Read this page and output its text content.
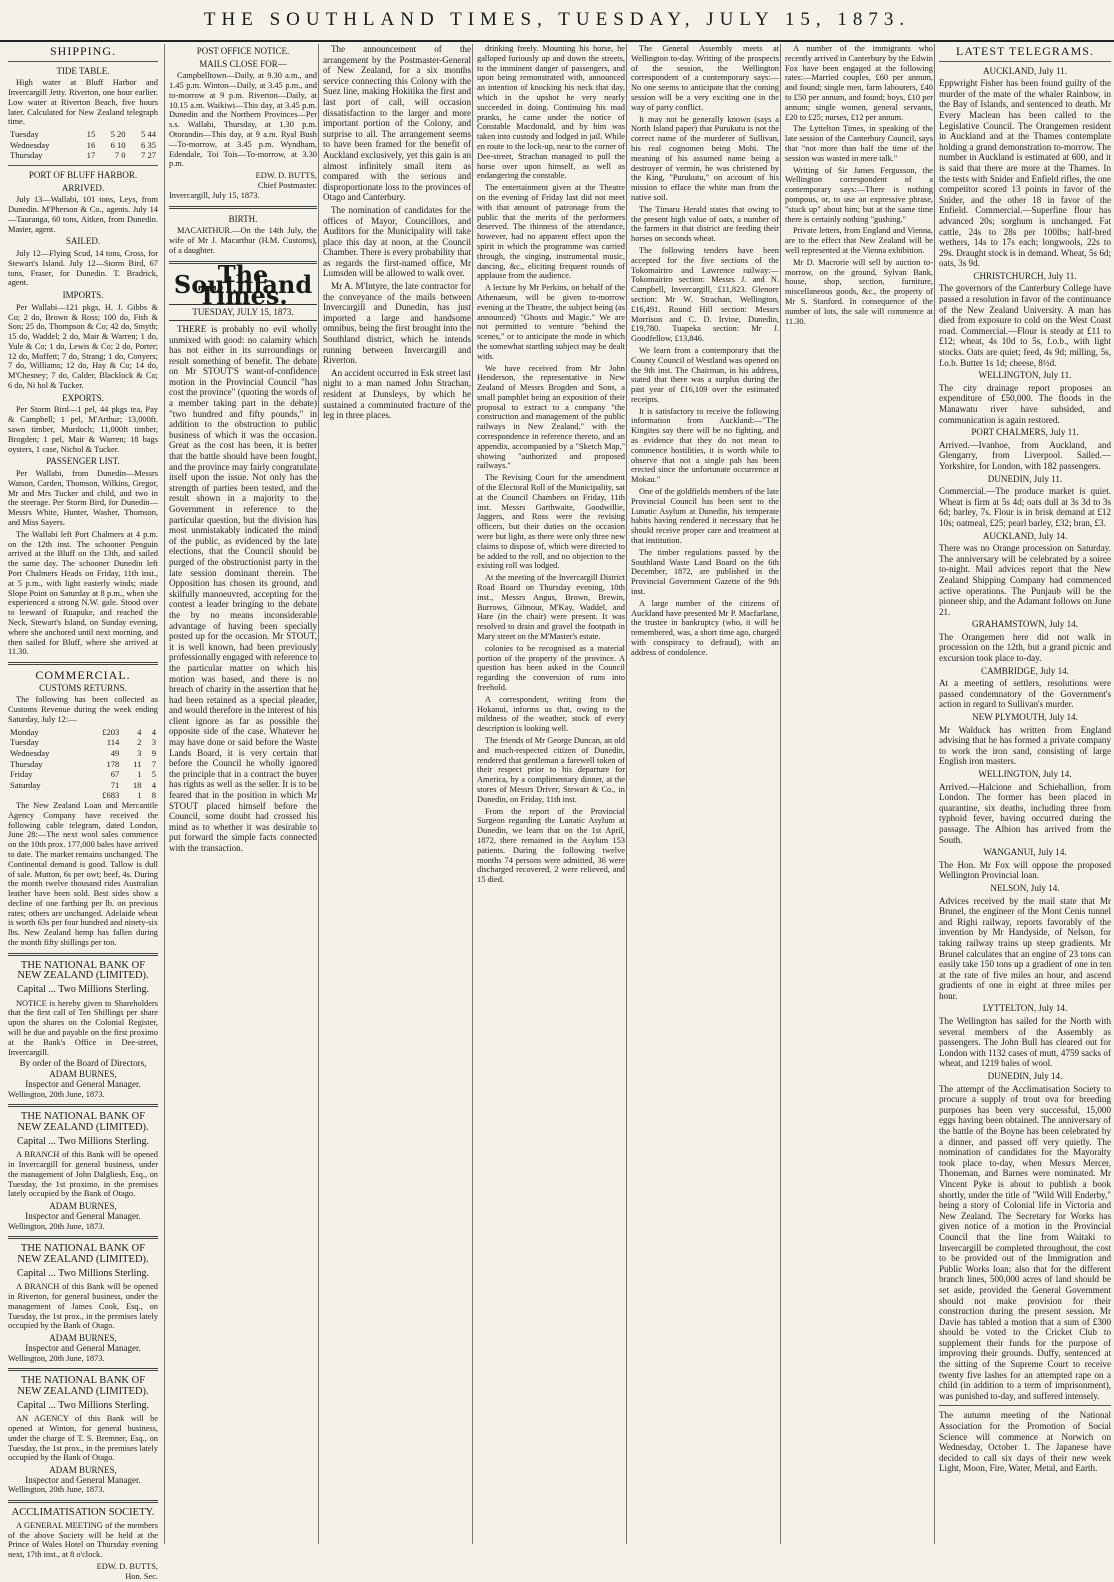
THE SOUTHLAND TIMES, TUESDAY, JULY 15, 1873.
SHIPPING.
TIDE TABLE.

High water at Bluff Harbor and Invercargill Jetty. Riverton, one hour earlier. Low water at Riverton Beach, five hours later. Calculated for New Zealand telegraph time.

Tuesday	15	5 20	5 44
Wednesday	16	6 10	6 35
Thursday	17	7 0	7 27
PORT OF BLUFF HARBOR.
ARRIVED.

July 13—Wallabi, 101 tons, Leys, from Dunedin. M'Pherson & Co., agents. July 14—Tauranga, 60 tons, Aitken, from Dunedin. Master, agent.

SAILED.

July 12—Flying Scud, 14 tons, Cross, for Stewart's Island. July 12—Storm Bird, 67 tons, Fraser, for Dunedin. T. Bradrick, agent.

IMPORTS.

Per Wallabi—121 pkgs, H. J. Gibbs & Co; 2 do, Brown & Ross; 100 do, Fish & Son; 25 do, Thompson & Co; 42 do, Smyth; 15 do, Waddel; 2 do, Mair & Warren; 1 do, Yule & Co; 1 do, Lewis & Co; 2 do, Porter; 12 do, Moffett; 7 do, Strang; 1 do, Conyers; 7 do, Williams; 12 do, Hay & Co; 14 do, M'Chesney; 7 do, Calder, Blacklock & Co; 6 do, Ni hol & Tucker.

EXPORTS.

Per Storm Bird—1 pel, 44 pkgs tea, Pay & Campbell; 1 pel, M'Arthur; 13,000ft. sawn timber, Murdoch; 11,000ft timber, Brogden; 1 pel, Mair & Warren; 18 bags oysters, 1 case, Nichol & Tucker.

PASSENGER LIST.

Per Wallabi, from Dunedin—Messrs Watson, Carden, Thomson, Wilkins, Gregor, Mr and Mrs Tucker and child, and two in the steerage. Per Storm Bird, for Dunedin—Messrs White, Hunter, Washer, Thomson, and Miss Sayers.

The Wallabi left Port Chalmers at 4 p.m. on the 12th inst. The schooner Penguin arrived at the Bluff on the 13th, and sailed the same day. The schooner Dunedin left Port Chalmers Heads on Friday, 11th inst., at 5 p.m., with light easterly winds; made Slope Point on Saturday at 8 p.m., when she experienced a strong N.W. gale. Stood over to leeward of Ruapuke, and reached the Neck, Stewart's Island, on Sunday evening, where she anchored until next morning, and then sailed for Bluff, where she arrived at 11.30.

COMMERCIAL.
CUSTOMS RETURNS.

The following has been collected as Customs Revenue during the week ending Saturday, July 12:—

Monday	£203	4	4
Tuesday	114	2	3
Wednesday	49	3	9
Thursday	178	11	7
Friday	67	1	5
Saturday	71	18	4
	£683	1	8

The New Zealand Loan and Mercantile Agency Company have received the following cable telegram, dated London, June 28:—The next wool sales commence on the 10th prox. 177,000 bales have arrived to date. The market remains unchanged. The Continental demand is good. Tallow is dull of sale. Mutton, 6s per owt; beef, 4s. During the month twelve thousand rides Australian leather have been sold. Best sides show a decline of one farthing per lb. on previous rates; others are unchanged. Adelaide wheat is worth 63s per four hundred and ninety-six lbs. New Zealand hemp has fallen during the month fifty shillings per ton.

THE NATIONAL BANK OF NEW ZEALAND (LIMITED).
Capital ... Two Millions Sterling.

NOTICE is hereby given to Shareholders that the first call of Ten Shillings per share upon the shares on the Colonial Register, will be due and payable on the first proximo at the Bank's Office in Dee-street, Invercargill.

By order of the Board of Directors,
ADAM BURNES,
Inspector and General Manager.
Wellington, 20th June, 1873.
THE NATIONAL BANK OF NEW ZEALAND (LIMITED).
Capital ... Two Millions Sterling.

A BRANCH of this Bank will be opened in Invercargill for general business, under the management of John Dalgliesh, Esq., on Tuesday, the 1st proximo, in the premises lately occupied by the Bank of Otago.

ADAM BURNES,
Inspector and General Manager.
Wellington, 20th June, 1873.
THE NATIONAL BANK OF NEW ZEALAND (LIMITED).
Capital ... Two Millions Sterling.

A BRANCH of this Bank will be opened in Riverton, for general business, under the management of James Cook, Esq., on Tuesday, the 1st prox., in the premises lately occupied by the Bank of Otago.

ADAM BURNES,
Inspector and General Manager.
Wellington, 20th June, 1873.
THE NATIONAL BANK OF NEW ZEALAND (LIMITED).
Capital ... Two Millions Sterling.

AN AGENCY of this Bank will be opened at Winton, for general business, under the charge of T. S. Bremner, Esq., on Tuesday, the 1st prox., in the premises lately occupied by the Bank of Otago.

ADAM BURNES,
Inspector and General Manager.
Wellington, 20th June, 1873.
ACCLIMATISATION SOCIETY.

A GENERAL MEETING of the members of the above Society will be held at the Prince of Wales Hotel on Thursday evening next, 17th inst., at 8 o'clock.

EDW. D. BUTTS,
Hon. Sec.
POST OFFICE NOTICE.
MAILS CLOSE FOR—

Campbelltown—Daily, at 9.30 a.m., and 1.45 p.m. Winton—Daily, at 3.45 p.m., and to-morrow at 9 p.m. Riverton—Daily, at 10.15 a.m. Waikiwi—This day, at 3.45 p.m. Dunedin and the Northern Provinces—Per s.s. Wallabi, Thursday, at 1.30 p.m. Otorandin—This day, at 9 a.m. Ryal Bush—To-morrow, at 3.45 p.m. Wyndham, Edendale, Toi Tois—To-morrow, at 3.30 p.m.

EDW. D. BUTTS,
Chief Postmaster.
Invercargill, July 15, 1873.
BIRTH.

MACARTHUR.—On the 14th July, the wife of Mr J. Macarthur (H.M. Customs), of a daughter.

The Southland Times.
TUESDAY, JULY 15, 1873.

THERE is probably no evil wholly unmixed with good: no calamity which has not either in its surroundings or result something of benefit. The debate on Mr STOUT'S want-of-confidence motion in the Provincial Council "has cost the province" (quoting the words of a member taking part in the debate) "two hundred and fifty pounds," in addition to the obstruction to public business of which it was the occasion. Great as the cost has been, it is better that the battle should have been fought, and the province may fairly congratulate itself upon the issue. Not only has the strength of parties been tested, and the result shown in a majority to the Government in reference to the particular question, but the division has most unmistakably indicated the mind of the public, as evidenced by the late elections, that the Council should be purged of the obstructionist party in the late session dominant therein. The Opposition has chosen its ground, and skilfully manoeuvred, accepting for the contest a leader bringing to the debate the by no means inconsiderable advantage of having been specially posted up for the occasion. Mr STOUT, it is well known, had been previously professionally engaged with reference to the particular matter on which his motion was based, and there is no breach of charity in the assertion that he had been retained as a special pleader, and would therefore in the interest of his client ignore as far as possible the opposite side of the case. Whatever he may have done or said before the Waste Lands Board, it is very certain that before the Council he wholly ignored the principle that in a contract the buyer has rights as well as the seller. It is to be feared that in the position in which Mr STOUT placed himself before the Council, some doubt had crossed his mind as to whether it was desirable to put forward the simple facts connected with the transaction.

The announcement of the arrangement by the Postmaster-General of New Zealand, for a six months service connecting this Colony with the Suez line, making Hokitika the first and last port of call, will occasion dissatisfaction to the larger and more important portion of the Colony, and surprise to all. The arrangement seems to have been framed for the benefit of Auckland exclusively, yet this gain is an almost infinitely small item as compared with the serious and disproportionate loss to the provinces of Otago and Canterbury.

The nomination of candidates for the offices of Mayor, Councillors, and Auditors for the Municipality will take place this day at noon, at the Council Chamber. There is every probability that as regards the first-named office, Mr Lumsden will be allowed to walk over.

Mr A. M'Intyre, the late contractor for the conveyance of the mails between Invercargill and Dunedin, has just imported a large and handsome omnibus, being the first brought into the Southland district, which he intends running between Invercargill and Riverton.

An accident occurred in Esk street last night to a man named John Strachan, resident at Dunsleys, by which he sustained a comminuted fracture of the leg in three places.

drinking freely. Mounting his horse, he galloped furiously up and down the streets, to the imminent danger of passengers, and upon being remonstrated with, announced an intention of knocking his neck that day, which in the upshot he very nearly succeeded in doing. Continuing his mad pranks, he came under the notice of Constable Macdonald, and by him was taken into custody and lodged in jail. While en route to the lock-up, near to the corner of Dee-street, Strachan managed to pull the horse over upon himself, as well as endangering the constable.

The entertainment given at the Theatre on the evening of Friday last did not meet with that amount of patronage from the public that the merits of the performers deserved. The thinness of the attendance, however, had no apparent effect upon the spirit in which the programme was carried through, the singing, instrumental music, dancing, &c., eliciting frequent rounds of applause from the audience.

A lecture by Mr Perkins, on behalf of the Athenaeum, will be given to-morrow evening at the Theatre, the subject being (as announced) "Ghosts and Magic." We are not permitted to venture "behind the scenes," or to anticipate the mode in which the somewhat startling subject may be dealt with.

We have received from Mr John Henderson, the representative in New Zealand of Messrs Brogden and Sons, a small pamphlet being an exposition of their proposal to extract to a company "the construction and management of the public railways in New Zealand," with the correspondence in reference thereto, and an appendix, accompanied by a "Sketch Map," showing "authorized and proposed railways."

The Revising Court for the amendment of the Electoral Roll of the Municipality, sat at the Council Chambers on Friday, 11th inst. Messrs Garthwaite, Goodwillie, Jaggers, and Ross were the revising officers, but their duties on the occasion were but light, as there were only three new claims to dispose of, which were directed to be added to the roll, and no objection to the existing roll was lodged.

At the meeting of the Invercargill District Road Board on Thursday evening, 10th inst., Messrs Angus, Brown, Brewin, Burrows, Gilmour, M'Kay, Waddel, and Hare (in the chair) were present. It was resolved to drain and gravel the footpath in Mary street on the M'Master's estate.

colonies to be recognised as a material portion of the property of the province. A question has been asked in the Council regarding the conversion of runs into freehold.

A correspondent, writing from the Hokanui, informs us that, owing to the mildness of the weather, stock of every description is looking well.

The friends of Mr George Duncan, an old and much-respected citizen of Dunedin, rendered that gentleman a farewell token of their respect prior to his departure for America, by a complimentary dinner, at the stores of Messrs Driver, Stewart & Co., in Dunedin, on Friday, 11th inst.

From the report of the Provincial Surgeon regarding the Lunatic Asylum at Dunedin, we learn that on the 1st April, 1872, there remained in the Asylum 153 patients. During the following twelve months 74 persons were admitted, 36 were discharged recovered, 2 were relieved, and 15 died.

The General Assembly meets at Wellington to-day. Writing of the prospects of the session, the Wellington correspondent of a contemporary says:—No one seems to anticipate that the coming session will be a very exciting one in the way of party conflict.

It may not be generally known (says a North Island paper) that Purukutu is not the correct name of the murderer of Sullivan, his real cognomen being Mohi. The meaning of his assumed name being a destroyer of vermin, he was christened by the King, "Purukutu," on account of his mission to efface the white man from the native soil.

The Timaru Herald states that owing to the present high value of oats, a number of the farmers in that district are feeding their horses on seconds wheat.

The following tenders have been accepted for the five sections of the Tokomairiro and Lawrence railway:—Tokomairiro section: Messrs J. and N. Campbell, Invercargill, £11,823. Glenore section: Mr W. Strachan, Wellington, £16,491. Round Hill section: Messrs Morrison and C. D. Irvine, Dunedin, £19,780. Tuapeka section: Mr J. Goodfellow, £13,846.

We learn from a contemporary that the County Council of Westland was opened on the 9th inst. The Chairman, in his address, stated that there was a surplus during the past year of £16,109 over the estimated receipts.

It is satisfactory to receive the following information from Auckland:—"The Kingites say there will be no fighting, and as evidence that they do not mean to commence hostilities, it is worth while to observe that not a single pah has been erected since the unfortunate occurrence at Mokau."

One of the goldfields members of the late Provincial Council has been sent to the Lunatic Asylum at Dunedin, his temperate habits having rendered it necessary that he should receive proper care and treatment at that institution.

The timber regulations passed by the Southland Waste Land Board on the 6th December, 1872, are published in the Provincial Government Gazette of the 9th inst.

A large number of the citizens of Auckland have presented Mr P. Macfarlane, the trustee in bankruptcy (who, it will be remembered, was, a short time ago, charged with conspiracy to defraud), with an address of condolence.

A number of the immigrants who recently arrived in Canterbury by the Edwin Fox have been engaged at the following rates:—Married couples, £60 per annum, and found; single men, farm labourers, £40 to £50 per annum, and found; boys, £10 per annum; single women, general servants, £20 to £25; nurses, £12 per annum.

The Lyttelton Times, in speaking of the late session of the Canterbury Council, says that "not more than half the time of the session was wasted in mere talk."

Writing of Sir James Fergusson, the Wellington correspondent of a contemporary says:—There is nothing pompous, or, to use an expressive phrase, "stuck up" about him; but at the same time there is certainly nothing "gushing."

Private letters, from England and Vienna, are to the effect that New Zealand will be well represented at the Vienna exhibition.

Mr D. Macrorie will sell by auction to-morrow, on the ground, Sylvan Bank, house, shop, section, furniture, miscellaneous goods, &c., the property of Mr S. Stanford. In consequence of the number of lots, the sale will commence at 11.30.

LATEST TELEGRAMS.
AUCKLAND, July 11.

Eppwright Fisher has been found guilty of the murder of the mate of the whaler Rainbow, in the Bay of Islands, and sentenced to death. Mr Every Maclean has been called to the Legislative Council. The Orangemen resident in Auckland and at the Thames contemplate holding a grand demonstration to-morrow. The number in Auckland is estimated at 600, and it is said that there are more at the Thames. In the tests with Snider and Enfield rifles, the one competitor scored 13 points in favor of the Snider, and the other 18 in favor of the Enfield. Commercial.—Superfine flour has advanced 20s; sorghum is unchanged. Fat cattle, 24s to 28s per 100lbs; half-bred wethers, 14s to 17s each; longwools, 22s to 29s. Draught stock is in demand. Wheat, 5s 6d; oats, 3s 9d.

CHRISTCHURCH, July 11.

The governors of the Canterbury College have passed a resolution in favor of the continuance of the New Zealand University. A man has died from exposure to cold on the West Coast road. Commercial.—Flour is steady at £11 to £12; wheat, 4s 10d to 5s, f.o.b., with light stocks. Oats are quiet; feed, 4s 9d; milling, 5s, f.o.b. Butter 1s 1d; cheese, 8½d.

WELLINGTON, July 11.

The city drainage report proposes an expenditure of £50,000. The floods in the Manawatu river have subsided, and communication is again restored.

PORT CHALMERS, July 11.

Arrived.—Ivanhoe, from Auckland, and Glengarry, from Liverpool. Sailed.—Yorkshire, for London, with 182 passengers.

DUNEDIN, July 11.

Commercial.—The produce market is quiet. Wheat is firm at 5s 4d; oats dull at 3s 3d to 3s 6d; barley, 7s. Flour is in brisk demand at £12 10s; oatmeal, £25; pearl barley, £32; bran, £3.

AUCKLAND, July 14.

There was no Orange procession on Saturday. The anniversary will be celebrated by a soiree to-night. Mail advices report that the New Zealand Shipping Company had commenced active operations. The Punjaub will be the pioneer ship, and the Adamant follows on June 21.

GRAHAMSTOWN, July 14.

The Orangemen here did not walk in procession on the 12th, but a grand picnic and excursion took place to-day.

CAMBRIDGE, July 14.

At a meeting of settlers, resolutions were passed condemnatory of the Government's action in regard to Sullivan's murder.

NEW PLYMOUTH, July 14.

Mr Walduck has written from England advising that he has formed a private company to work the iron sand, consisting of large English iron masters.

WELLINGTON, July 14.

Arrived.—Halcione and Schiehallion, from London. The former has been placed in quarantine, six deaths, including three from typhoid fever, having occurred during the passage. The Albion has arrived from the South.

WANGANUI, July 14.

The Hon. Mr Fox will oppose the proposed Wellington Provincial loan.

NELSON, July 14.

Advices received by the mail state that Mr Brunel, the engineer of the Mont Cenis tunnel and Righi railway, reports favorably of the invention by Mr Handyside, of Nelson, for taking railway trains up steep gradients. Mr Brunel calculates that an engine of 23 tons can easily take 150 tons up a gradient of one in ten at the rate of five miles an hour, and ascend gradients of one in eight at three miles per hour.

LYTTELTON, July 14.

The Wellington has sailed for the North with several members of the Assembly as passengers. The John Bull has cleared out for London with 1132 cases of mutt, 4759 sacks of wheat, and 1219 bales of wool.

DUNEDIN, July 14.

The attempt of the Acclimatisation Society to procure a supply of trout ova for breeding purposes has been very successful, 15,000 eggs having been obtained. The anniversary of the battle of the Boyne has been celebrated by a dinner, and passed off very quietly. The nomination of candidates for the Mayoralty took place to-day, when Messrs Mercer, Thoneman, and Barnes were nominated. Mr Vincent Pyke is about to publish a book shortly, under the title of "Wild Will Enderby," being a story of Colonial life in Victoria and New Zealand. The Secretary for Works has given notice of a motion in the Provincial Council that the line from Waitaki to Invercargill be completed throughout, the cost to be provided out of the Immigration and Public Works loan; also that for the different branch lines, 500,000 acres of land should be set aside, provided the General Government should not make provision for their construction during the present session. Mr Davie has tabled a motion that a sum of £300 should be voted to the Cricket Club to supplement their funds for the purpose of improving their grounds. Duffy, sentenced at the sitting of the Supreme Court to receive twenty five lashes for an attempted rape on a child (in addition to a term of imprisonment), was punished to-day, and suffered intensely.

The autumn meeting of the National Association for the Promotion of Social Science will commence at Norwich on Wednesday, October 1. The Japanese have decided to call six days of their new week Light, Moon, Fire, Water, Metal, and Earth.
